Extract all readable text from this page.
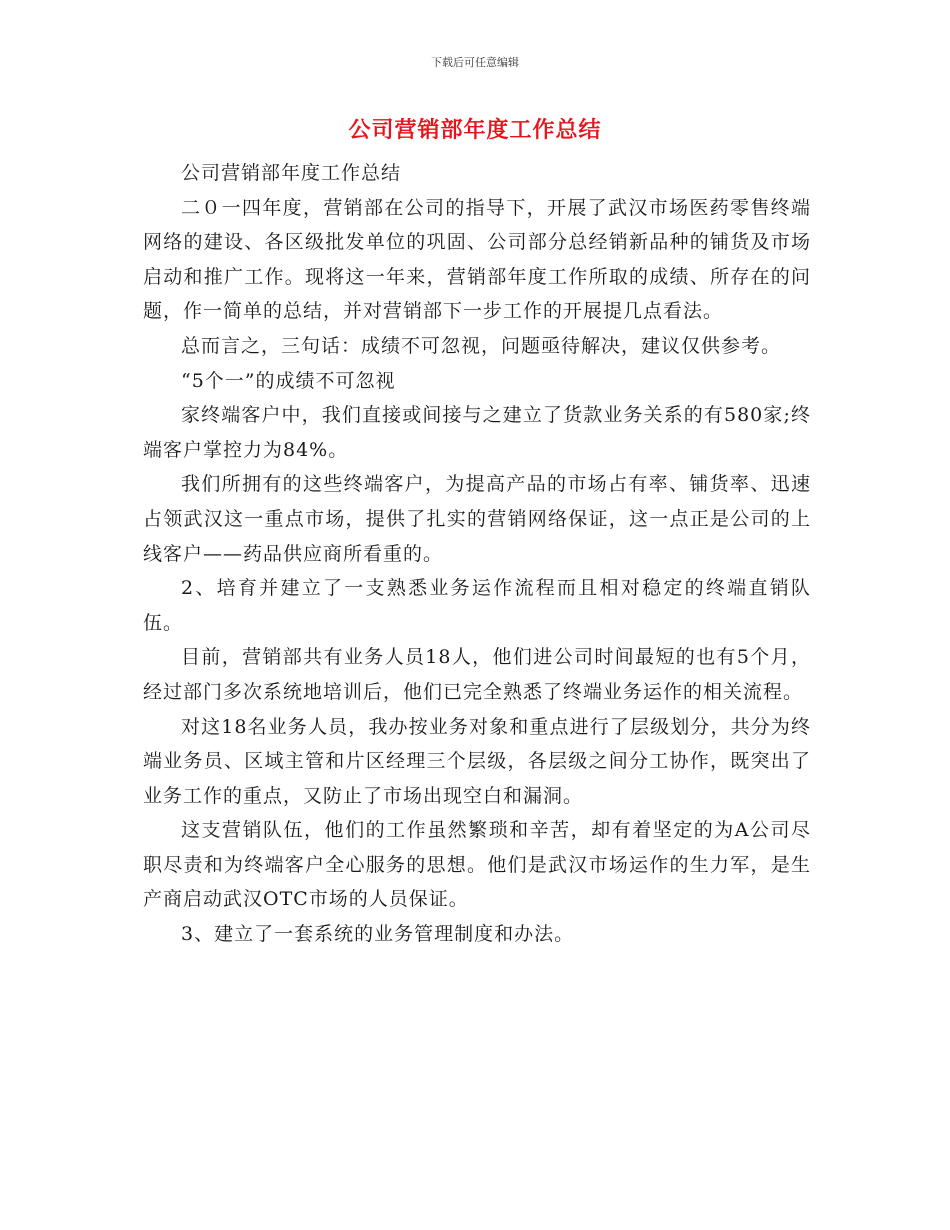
下载后可任意编辑
公司营销部年度工作总结

公司营销部年度工作总结

二０一四年度，营销部在公司的指导下，开展了武汉市场医药零售终端网络的建设、各区级批发单位的巩固、公司部分总经销新品种的铺货及市场启动和推广工作。现将这一年来，营销部年度工作所取的成绩、所存在的问题，作一简单的总结，并对营销部下一步工作的开展提几点看法。

总而言之，三句话：成绩不可忽视，问题亟待解决，建议仅供参考。

“5个一”的成绩不可忽视

家终端客户中，我们直接或间接与之建立了货款业务关系的有580家;终端客户掌控力为84%。

我们所拥有的这些终端客户，为提高产品的市场占有率、铺货率、迅速占领武汉这一重点市场，提供了扎实的营销网络保证，这一点正是公司的上线客户——药品供应商所看重的。

2、培育并建立了一支熟悉业务运作流程而且相对稳定的终端直销队伍。

目前，营销部共有业务人员18人，他们进公司时间最短的也有5个月，经过部门多次系统地培训后，他们已完全熟悉了终端业务运作的相关流程。

对这18名业务人员，我办按业务对象和重点进行了层级划分，共分为终端业务员、区域主管和片区经理三个层级，各层级之间分工协作，既突出了业务工作的重点，又防止了市场出现空白和漏洞。

这支营销队伍，他们的工作虽然繁琐和辛苦，却有着坚定的为A公司尽职尽责和为终端客户全心服务的思想。他们是武汉市场运作的生力军，是生产商启动武汉OTC市场的人员保证。

3、建立了一套系统的业务管理制度和办法。
